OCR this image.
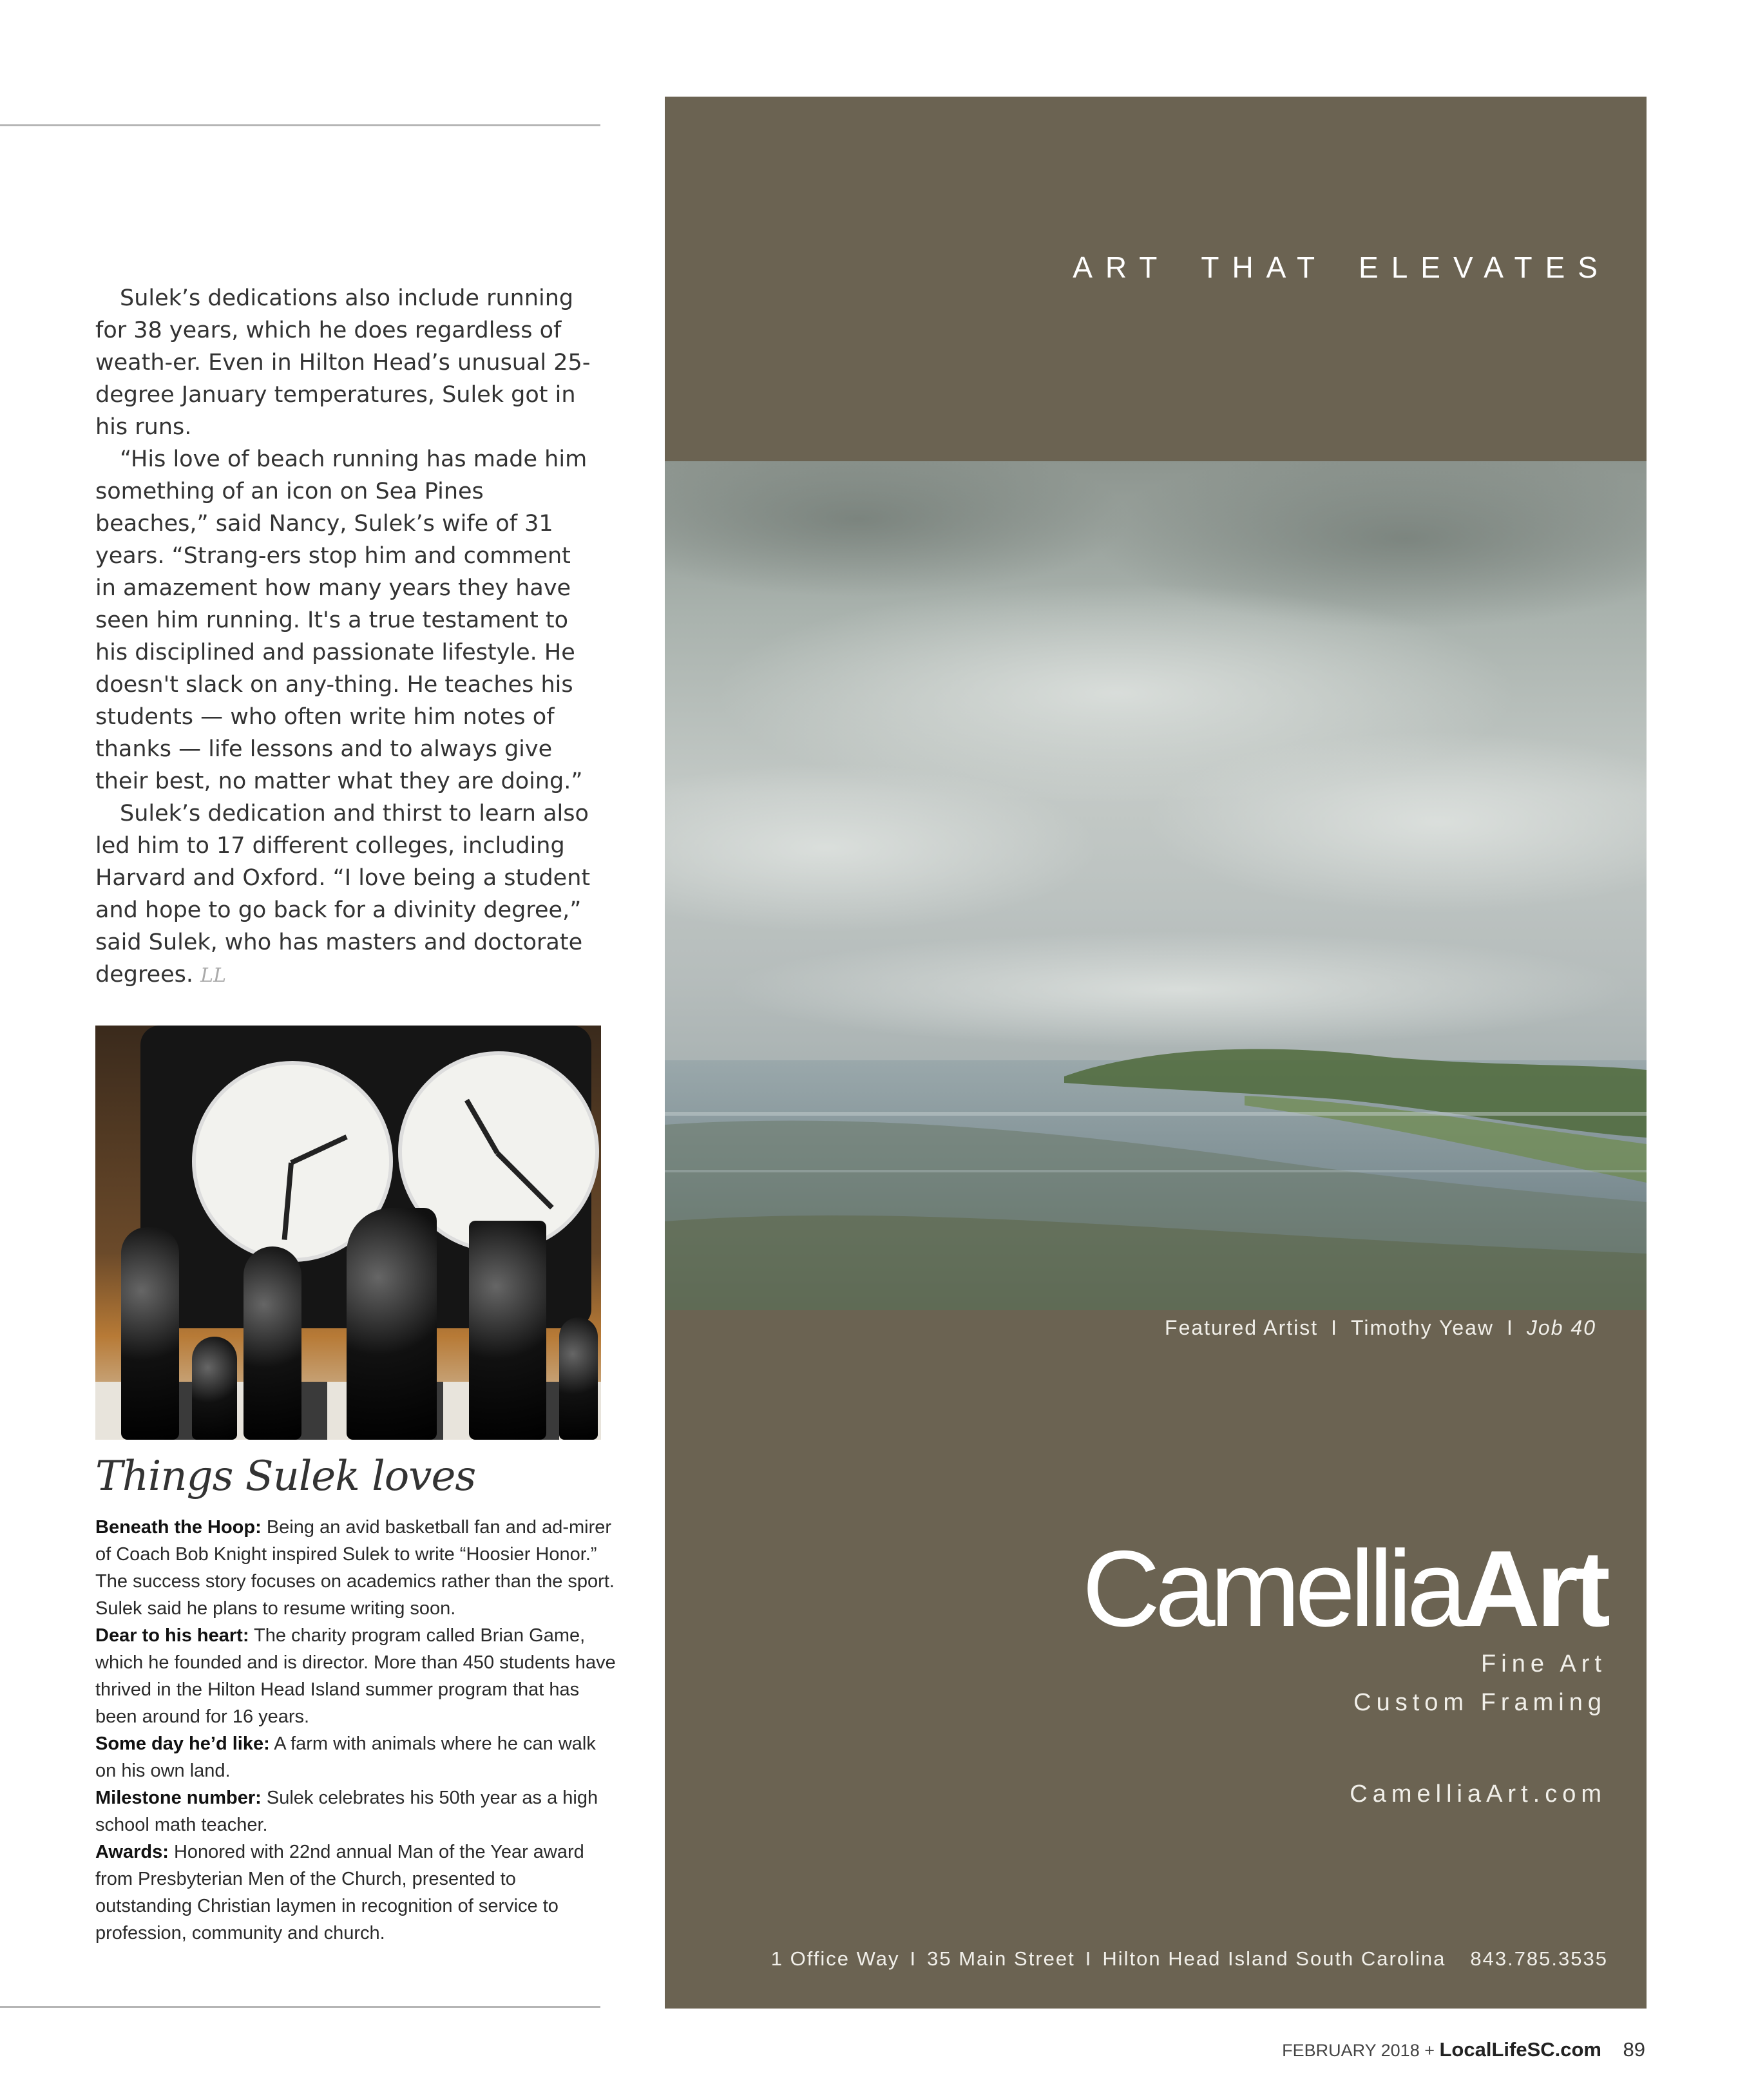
Sulek’s dedications also include running for 38 years, which he does regardless of weath-er. Even in Hilton Head’s unusual 25-degree January temperatures, Sulek got in his runs.

“His love of beach running has made him something of an icon on Sea Pines beaches,” said Nancy, Sulek’s wife of 31 years. “Strang-ers stop him and comment in amazement how many years they have seen him running. It's a true testament to his disciplined and passionate lifestyle. He doesn't slack on any-thing. He teaches his students — who often write him notes of thanks — life lessons and to always give their best, no matter what they are doing.”

Sulek’s dedication and thirst to learn also led him to 17 different colleges, including Harvard and Oxford. “I love being a student and hope to go back for a divinity degree,” said Sulek, who has masters and doctorate degrees. LL

Things Sulek loves

Beneath the Hoop: Being an avid basketball fan and ad-mirer of Coach Bob Knight inspired Sulek to write “Hoosier Honor.” The success story focuses on academics rather than the sport. Sulek said he plans to resume writing soon.

Dear to his heart: The charity program called Brian Game, which he founded and is director. More than 450 students have thrived in the Hilton Head Island summer program that has been around for 16 years.

Some day he’d like: A farm with animals where he can walk on his own land.

Milestone number: Sulek celebrates his 50th year as a high school math teacher.

Awards: Honored with 22nd annual Man of the Year award from Presbyterian Men of the Church, presented to outstanding Christian laymen in recognition of service to profession, community and church.

ART THAT ELEVATES
Featured Artist I Timothy Yeaw I Job 40
CamelliaArt
Fine Art
Custom Framing
CamelliaArt.com
1 Office Way I 35 Main Street I Hilton Head Island South Carolina 843.785.3535
FEBRUARY 2018 + LocalLifeSC.com 89
